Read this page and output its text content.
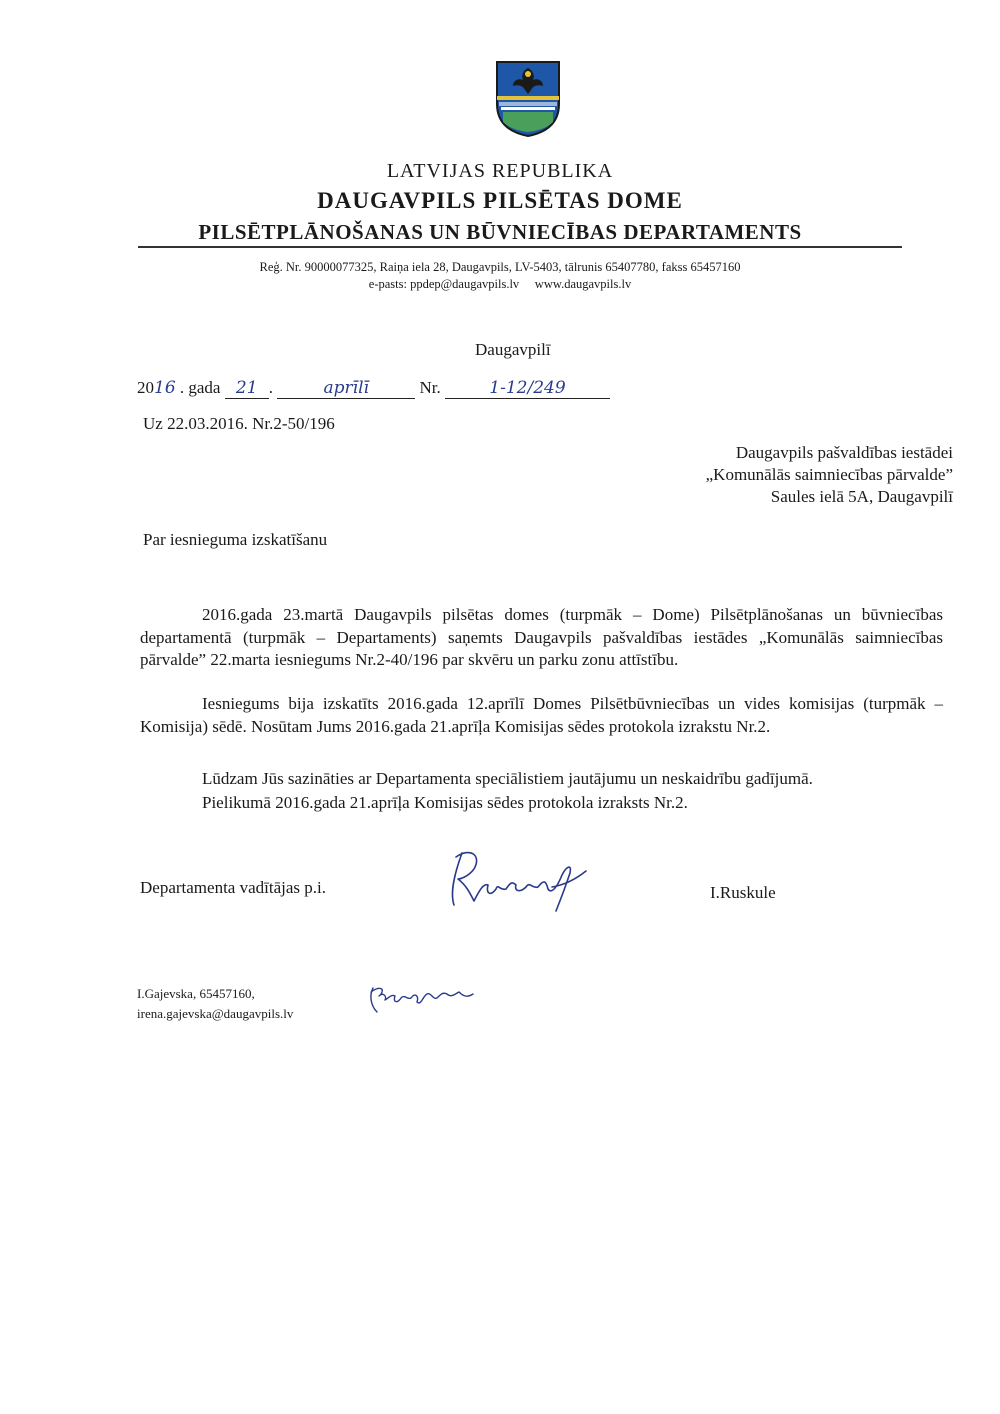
LATVIJAS REPUBLIKA
DAUGAVPILS PILSĒTAS DOME
PILSĒTPLĀNOŠANAS UN BŪVNIECĪBAS DEPARTAMENTS
Reģ. Nr. 90000077325, Raiņa iela 28, Daugavpils, LV-5403, tālrunis 65407780, fakss 65457160
e-pasts: ppdep@daugavpils.lv     www.daugavpils.lv
Daugavpilī
2016 . gada 21 .	aprīlī	Nr.	1-12/249
Uz 22.03.2016. Nr.2-50/196
Daugavpils pašvaldības iestādei
„Komunālās saimniecības pārvalde”
Saules ielā 5A, Daugavpilī
Par iesnieguma izskatīšanu
2016.gada 23.martā Daugavpils pilsētas domes (turpmāk – Dome) Pilsētplānošanas un būvniecības departamentā (turpmāk – Departaments) saņemts Daugavpils pašvaldības iestādes „Komunālās saimniecības pārvalde” 22.marta iesniegums Nr.2-40/196 par skvēru un parku zonu attīstību.
Iesniegums bija izskatīts 2016.gada 12.aprīlī Domes Pilsētbūvniecības un vides komisijas (turpmāk – Komisija) sēdē. Nosūtam Jums 2016.gada 21.aprīļa Komisijas sēdes protokola izrakstu Nr.2.
Lūdzam Jūs sazināties ar Departamenta speciālistiem jautājumu un neskaidrību gadījumā.
Pielikumā 2016.gada 21.aprīļa Komisijas sēdes protokola izraksts Nr.2.
Departamenta vadītājas p.i.	I.Ruskule
I.Gajevska, 65457160,
irena.gajevska@daugavpils.lv
